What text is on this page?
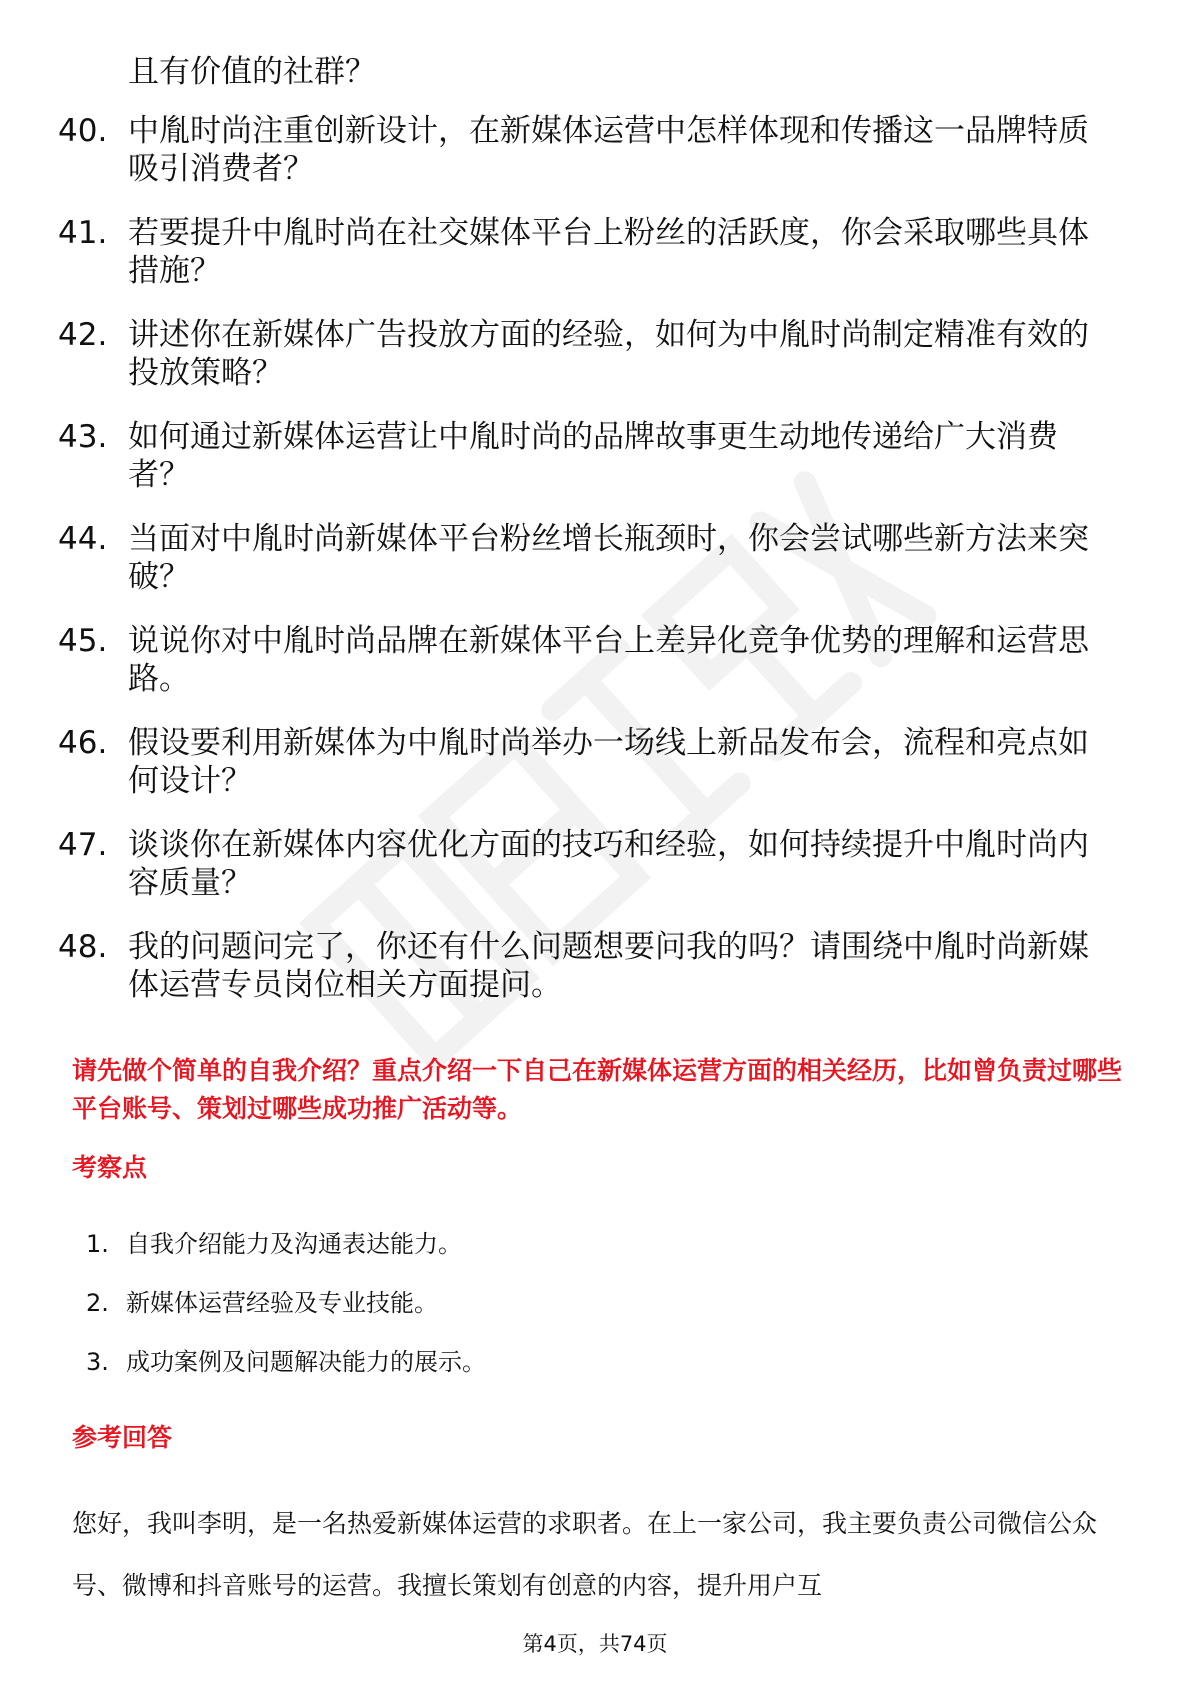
且有价值的社群？

40. 中胤时尚注重创新设计，在新媒体运营中怎样体现和传播这一品牌特质吸引消费者？
41. 若要提升中胤时尚在社交媒体平台上粉丝的活跃度，你会采取哪些具体措施？
42. 讲述你在新媒体广告投放方面的经验，如何为中胤时尚制定精准有效的投放策略？
43. 如何通过新媒体运营让中胤时尚的品牌故事更生动地传递给广大消费者？
44. 当面对中胤时尚新媒体平台粉丝增长瓶颈时，你会尝试哪些新方法来突破？
45. 说说你对中胤时尚品牌在新媒体平台上差异化竞争优势的理解和运营思路。
46. 假设要利用新媒体为中胤时尚举办一场线上新品发布会，流程和亮点如何设计？
47. 谈谈你在新媒体内容优化方面的技巧和经验，如何持续提升中胤时尚内容质量？
48. 我的问题问完了，你还有什么问题想要问我的吗？请围绕中胤时尚新媒体运营专员岗位相关方面提问。

请先做个简单的自我介绍？重点介绍一下自己在新媒体运营方面的相关经历，比如曾负责过哪些平台账号、策划过哪些成功推广活动等。

考察点
1. 自我介绍能力及沟通表达能力。
2. 新媒体运营经验及专业技能。
3. 成功案例及问题解决能力的展示。
参考回答

您好，我叫李明，是一名热爱新媒体运营的求职者。在上一家公司，我主要负责公司微信公众号、微博和抖音账号的运营。我擅长策划有创意的内容，提升用户互

第4页，共74页
